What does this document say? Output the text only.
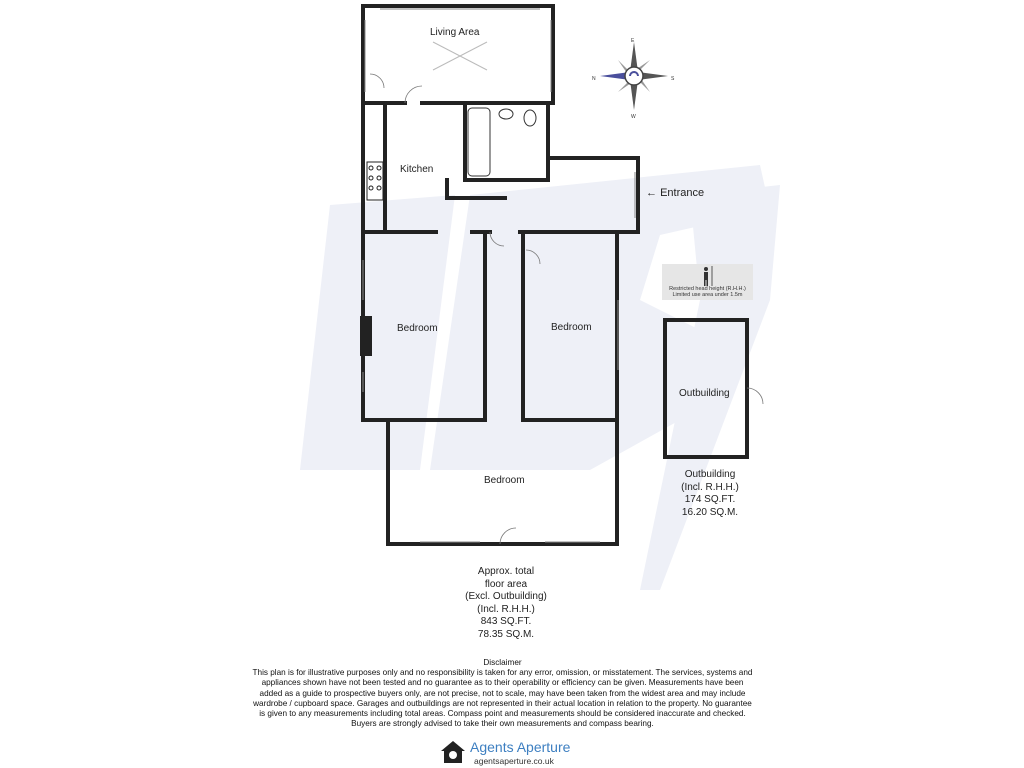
Living Area
Kitchen
Bedroom	Bedroom
Bedroom
Outbuilding
← Entrance
E
S
W
N
Restricted head height (R.H.H.)
Limited use area under 1.5m
Outbuilding
(Incl. R.H.H.)
174 SQ.FT.
16.20 SQ.M.
Approx. total
floor area
(Excl. Outbuilding)
(Incl. R.H.H.)
843 SQ.FT.
78.35 SQ.M.
Disclaimer
This plan is for illustrative purposes only and no responsibility is taken for any error, omission, or misstatement. The services, systems and
appliances shown have not been tested and no guarantee as to their operability or efficiency can be given. Measurements have been
added as a guide to prospective buyers only, are not precise, not to scale, may have been taken from the widest area and may include
wardrobe / cupboard space. Garages and outbuildings are not represented in their actual location in relation to the property. No guarantee
is given to any measurements including total areas. Compass point and measurements should be considered inaccurate and checked.
Buyers are strongly advised to take their own measurements and compass bearing.
Agents Aperture
agentsaperture.co.uk
